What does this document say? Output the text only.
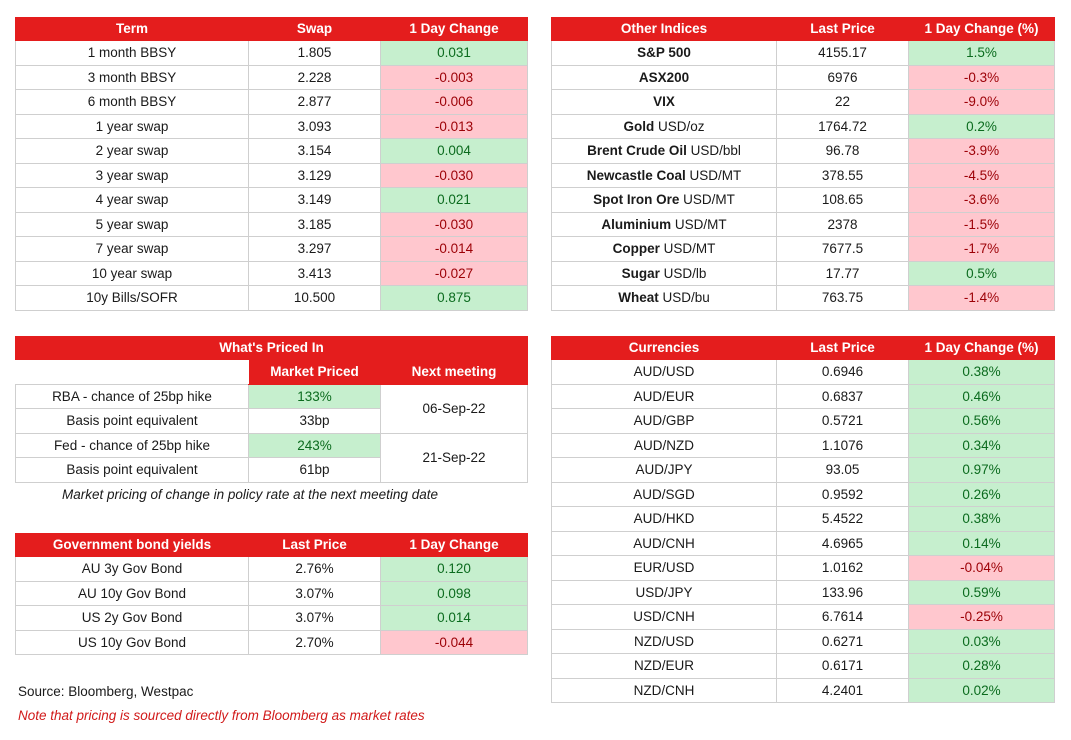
Term	Swap	1 Day Change
1 month BBSY	1.805	0.031
3 month BBSY	2.228	-0.003
6 month BBSY	2.877	-0.006
1 year swap	3.093	-0.013
2 year swap	3.154	0.004
3 year swap	3.129	-0.030
4 year swap	3.149	0.021
5 year swap	3.185	-0.030
7 year swap	3.297	-0.014
10 year swap	3.413	-0.027
10y Bills/SOFR	10.500	0.875
Other Indices	Last Price	1 Day Change (%)
S&P 500	4155.17	1.5%
ASX200	6976	-0.3%
VIX	22	-9.0%
Gold USD/oz	1764.72	0.2%
Brent Crude Oil USD/bbl	96.78	-3.9%
Newcastle Coal USD/MT	378.55	-4.5%
Spot Iron Ore USD/MT	108.65	-3.6%
Aluminium USD/MT	2378	-1.5%
Copper USD/MT	7677.5	-1.7%
Sugar USD/lb	17.77	0.5%
Wheat USD/bu	763.75	-1.4%
What's Priced In		
	Market Priced	Next meeting
RBA - chance of 25bp hike	133%	06-Sep-22
Basis point equivalent	33bp	
Fed - chance of 25bp hike	243%	21-Sep-22
Basis point equivalent	61bp	
Market pricing of change in policy rate at the next meeting date
Government bond yields	Last Price	1 Day Change
AU 3y Gov Bond	2.76%	0.120
AU 10y Gov Bond	3.07%	0.098
US 2y Gov Bond	3.07%	0.014
US 10y Gov Bond	2.70%	-0.044
Currencies	Last Price	1 Day Change (%)
AUD/USD	0.6946	0.38%
AUD/EUR	0.6837	0.46%
AUD/GBP	0.5721	0.56%
AUD/NZD	1.1076	0.34%
AUD/JPY	93.05	0.97%
AUD/SGD	0.9592	0.26%
AUD/HKD	5.4522	0.38%
AUD/CNH	4.6965	0.14%
EUR/USD	1.0162	-0.04%
USD/JPY	133.96	0.59%
USD/CNH	6.7614	-0.25%
NZD/USD	0.6271	0.03%
NZD/EUR	0.6171	0.28%
NZD/CNH	4.2401	0.02%
Source: Bloomberg, Westpac
Note that pricing is sourced directly from Bloomberg as market rates
